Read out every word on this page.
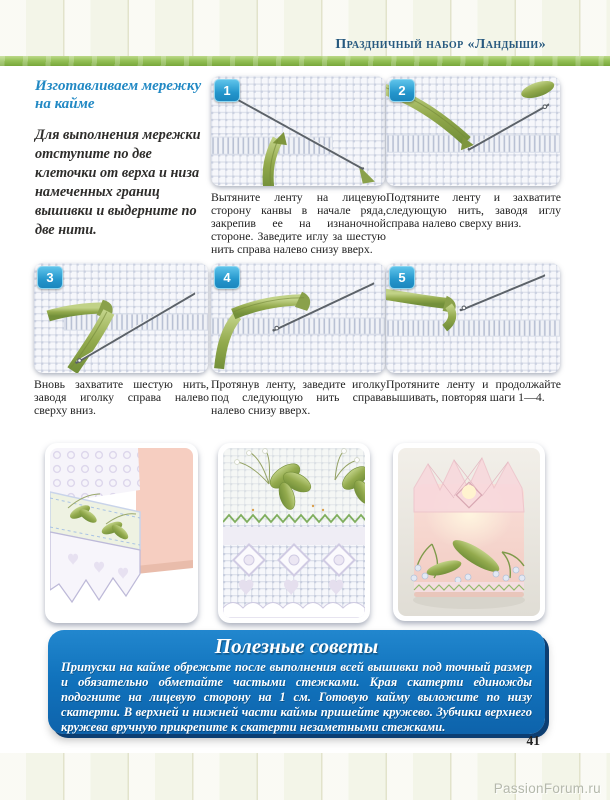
Праздничный набор «Ландыши»
Изготавливаем мережку на кайме
Для выполнения мережки отступите по две клеточки от верха и низа намеченных границ вышивки и выдерните по две нити.
1	2
3	4	5
Вытяните ленту на лицевую сторону канвы в начале ряда, закрепив ее на изнаночной стороне. Заведите иглу за шестую нить справа налево снизу вверх.
Подтяните ленту и захватите следующую нить, заводя иглу справа налево сверху вниз.
Вновь захватите шестую нить, заводя иголку справа налево сверху вниз.
Протянув ленту, заведите иголку под следующую нить справа налево снизу вверх.
Протяните ленту и продолжайте вышивать, повторяя шаги 1—4.
Полезные советы
Припуски на кайме обрежьте после выполнения всей вышивки под точный размер и обязательно обметайте частыми стежками. Края скатерти единожды подогните на лицевую сторону на 1 см. Готовую кайму выложите по низу скатерти. В верхней и нижней части каймы пришейте кружево. Зубчики верхнего кружева вручную прикрепите к скатерти незаметными стежками.
41
PassionForum.ru
